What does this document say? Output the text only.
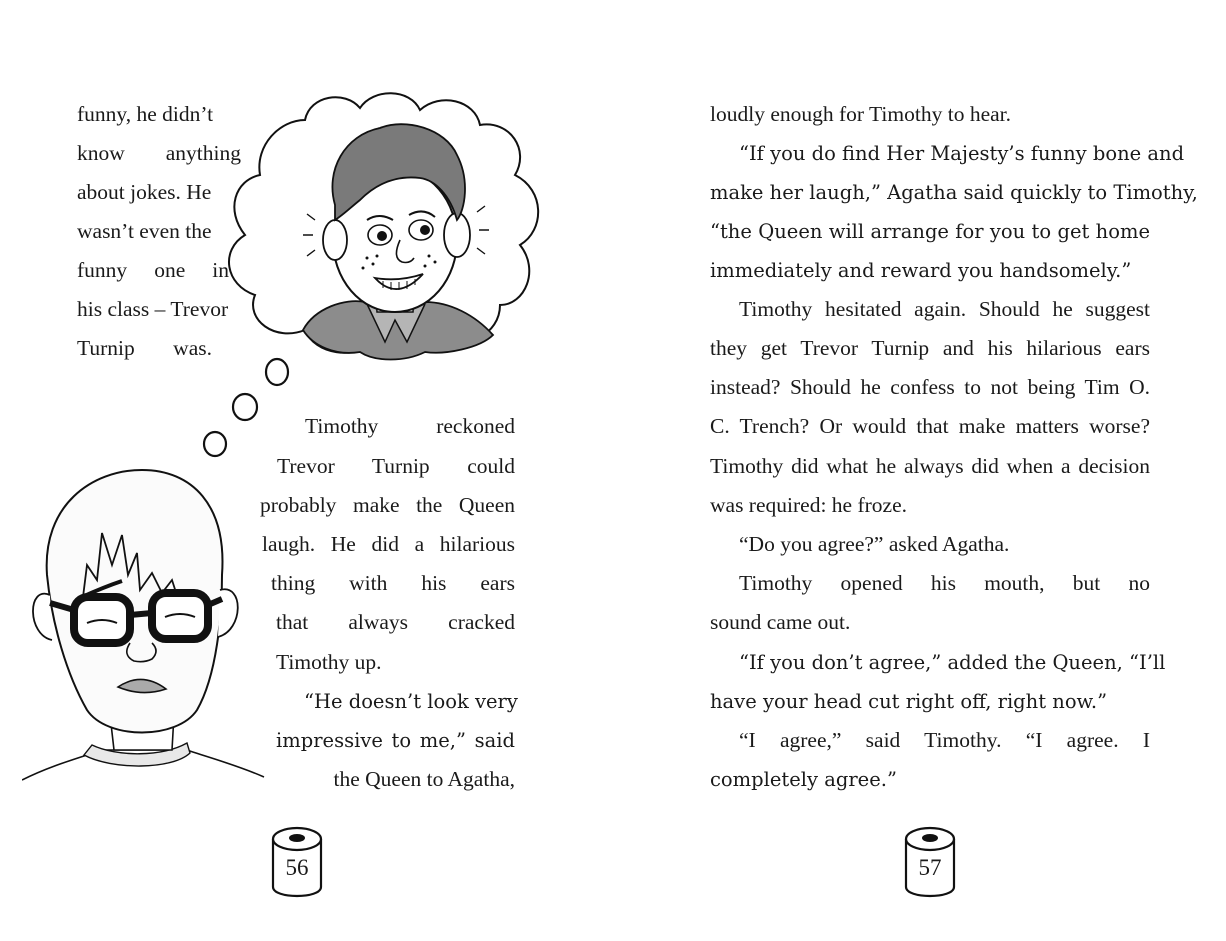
funny, he didn’t
know anything
about jokes. He
wasn’t even the
funny one in
his class – Trevor
Turnip was.
Timothy reckoned
Trevor Turnip could
probably make the Queen
laugh. He did a hilarious
thing with his ears
that always cracked
Timothy up.
“He doesn’t look very
impressive to me,” said
the Queen to Agatha,
56
loudly enough for Timothy to hear.
“If you do find Her Majesty’s funny bone and
make her laugh,” Agatha said quickly to Timothy,
“the Queen will arrange for you to get home
immediately and reward you handsomely.”
Timothy hesitated again. Should he suggest
they get Trevor Turnip and his hilarious ears
instead? Should he confess to not being Tim O.
C. Trench? Or would that make matters worse?
Timothy did what he always did when a decision
was required: he froze.
“Do you agree?” asked Agatha.
Timothy opened his mouth, but no
sound came out.
“If you don’t agree,” added the Queen, “I’ll
have your head cut right off, right now.”
“I agree,” said Timothy. “I agree. I
completely agree.”
57
